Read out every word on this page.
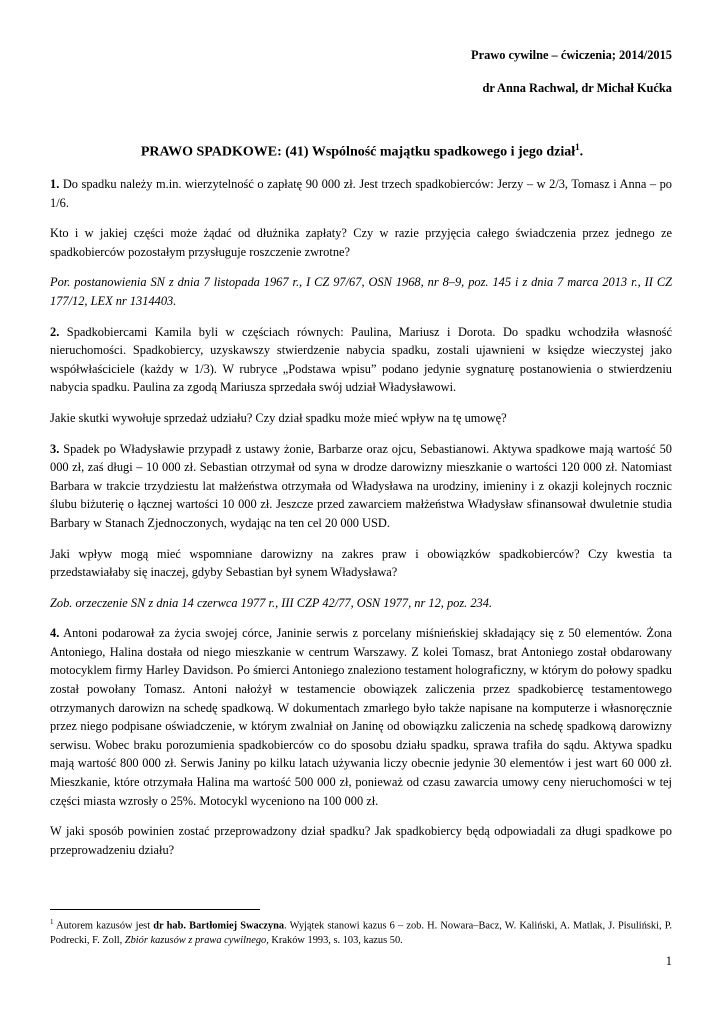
Prawo cywilne – ćwiczenia; 2014/2015
dr Anna Rachwal, dr Michał Kućka
PRAWO SPADKOWE: (41) Wspólność majątku spadkowego i jego dział$^1$.

1. Do spadku należy m.in. wierzytelność o zapłatę 90 000 zł. Jest trzech spadkobierców: Jerzy – w 2/3, Tomasz i Anna – po 1/6.

Kto i w jakiej części może żądać od dłużnika zapłaty? Czy w razie przyjęcia całego świadczenia przez jednego ze spadkobierców pozostałym przysługuje roszczenie zwrotne?

Por. postanowienia SN z dnia 7 listopada 1967 r., I CZ 97/67, OSN 1968, nr 8–9, poz. 145 i z dnia 7 marca 2013 r., II CZ 177/12, LEX nr 1314403.

2. Spadkobiercami Kamila byli w częściach równych: Paulina, Mariusz i Dorota. Do spadku wchodziła własność nieruchomości. Spadkobiercy, uzyskawszy stwierdzenie nabycia spadku, zostali ujawnieni w księdze wieczystej jako współwłaściciele (każdy w 1/3). W rubryce „Podstawa wpisu” podano jedynie sygnaturę postanowienia o stwierdzeniu nabycia spadku. Paulina za zgodą Mariusza sprzedała swój udział Władysławowi.

Jakie skutki wywołuje sprzedaż udziału? Czy dział spadku może mieć wpływ na tę umowę?

3. Spadek po Władysławie przypadł z ustawy żonie, Barbarze oraz ojcu, Sebastianowi. Aktywa spadkowe mają wartość 50 000 zł, zaś długi – 10 000 zł. Sebastian otrzymał od syna w drodze darowizny mieszkanie o wartości 120 000 zł. Natomiast Barbara w trakcie trzydziestu lat małżeństwa otrzymała od Władysława na urodziny, imieniny i z okazji kolejnych rocznic ślubu biżuterię o łącznej wartości 10 000 zł. Jeszcze przed zawarciem małżeństwa Władysław sfinansował dwuletnie studia Barbary w Stanach Zjednoczonych, wydając na ten cel 20 000 USD.

Jaki wpływ mogą mieć wspomniane darowizny na zakres praw i obowiązków spadkobierców? Czy kwestia ta przedstawiałaby się inaczej, gdyby Sebastian był synem Władysława?

Zob. orzeczenie SN z dnia 14 czerwca 1977 r., III CZP 42/77, OSN 1977, nr 12, poz. 234.

4. Antoni podarował za życia swojej córce, Janinie serwis z porcelany miśnieńskiej składający się z 50 elementów. Żona Antoniego, Halina dostała od niego mieszkanie w centrum Warszawy. Z kolei Tomasz, brat Antoniego został obdarowany motocyklem firmy Harley Davidson. Po śmierci Antoniego znaleziono testament holograficzny, w którym do połowy spadku został powołany Tomasz. Antoni nałożył w testamencie obowiązek zaliczenia przez spadkobiercę testamentowego otrzymanych darowizn na schedę spadkową. W dokumentach zmarłego było także napisane na komputerze i własnoręcznie przez niego podpisane oświadczenie, w którym zwalniał on Janinę od obowiązku zaliczenia na schedę spadkową darowizny serwisu. Wobec braku porozumienia spadkobierców co do sposobu działu spadku, sprawa trafiła do sądu. Aktywa spadku mają wartość 800 000 zł. Serwis Janiny po kilku latach używania liczy obecnie jedynie 30 elementów i jest wart 60 000 zł. Mieszkanie, które otrzymała Halina ma wartość 500 000 zł, ponieważ od czasu zawarcia umowy ceny nieruchomości w tej części miasta wzrosły o 25%. Motocykl wyceniono na 100 000 zł.

W jaki sposób powinien zostać przeprowadzony dział spadku? Jak spadkobiercy będą odpowiadali za długi spadkowe po przeprowadzeniu działu?

$^1$ Autorem kazusów jest dr hab. Bartłomiej Swaczyna. Wyjątek stanowi kazus 6 – zob. H. Nowara–Bacz, W. Kaliński, A. Matlak, J. Pisuliński, P. Podrecki, F. Zoll, Zbiór kazusów z prawa cywilnego, Kraków 1993, s. 103, kazus 50.
1
